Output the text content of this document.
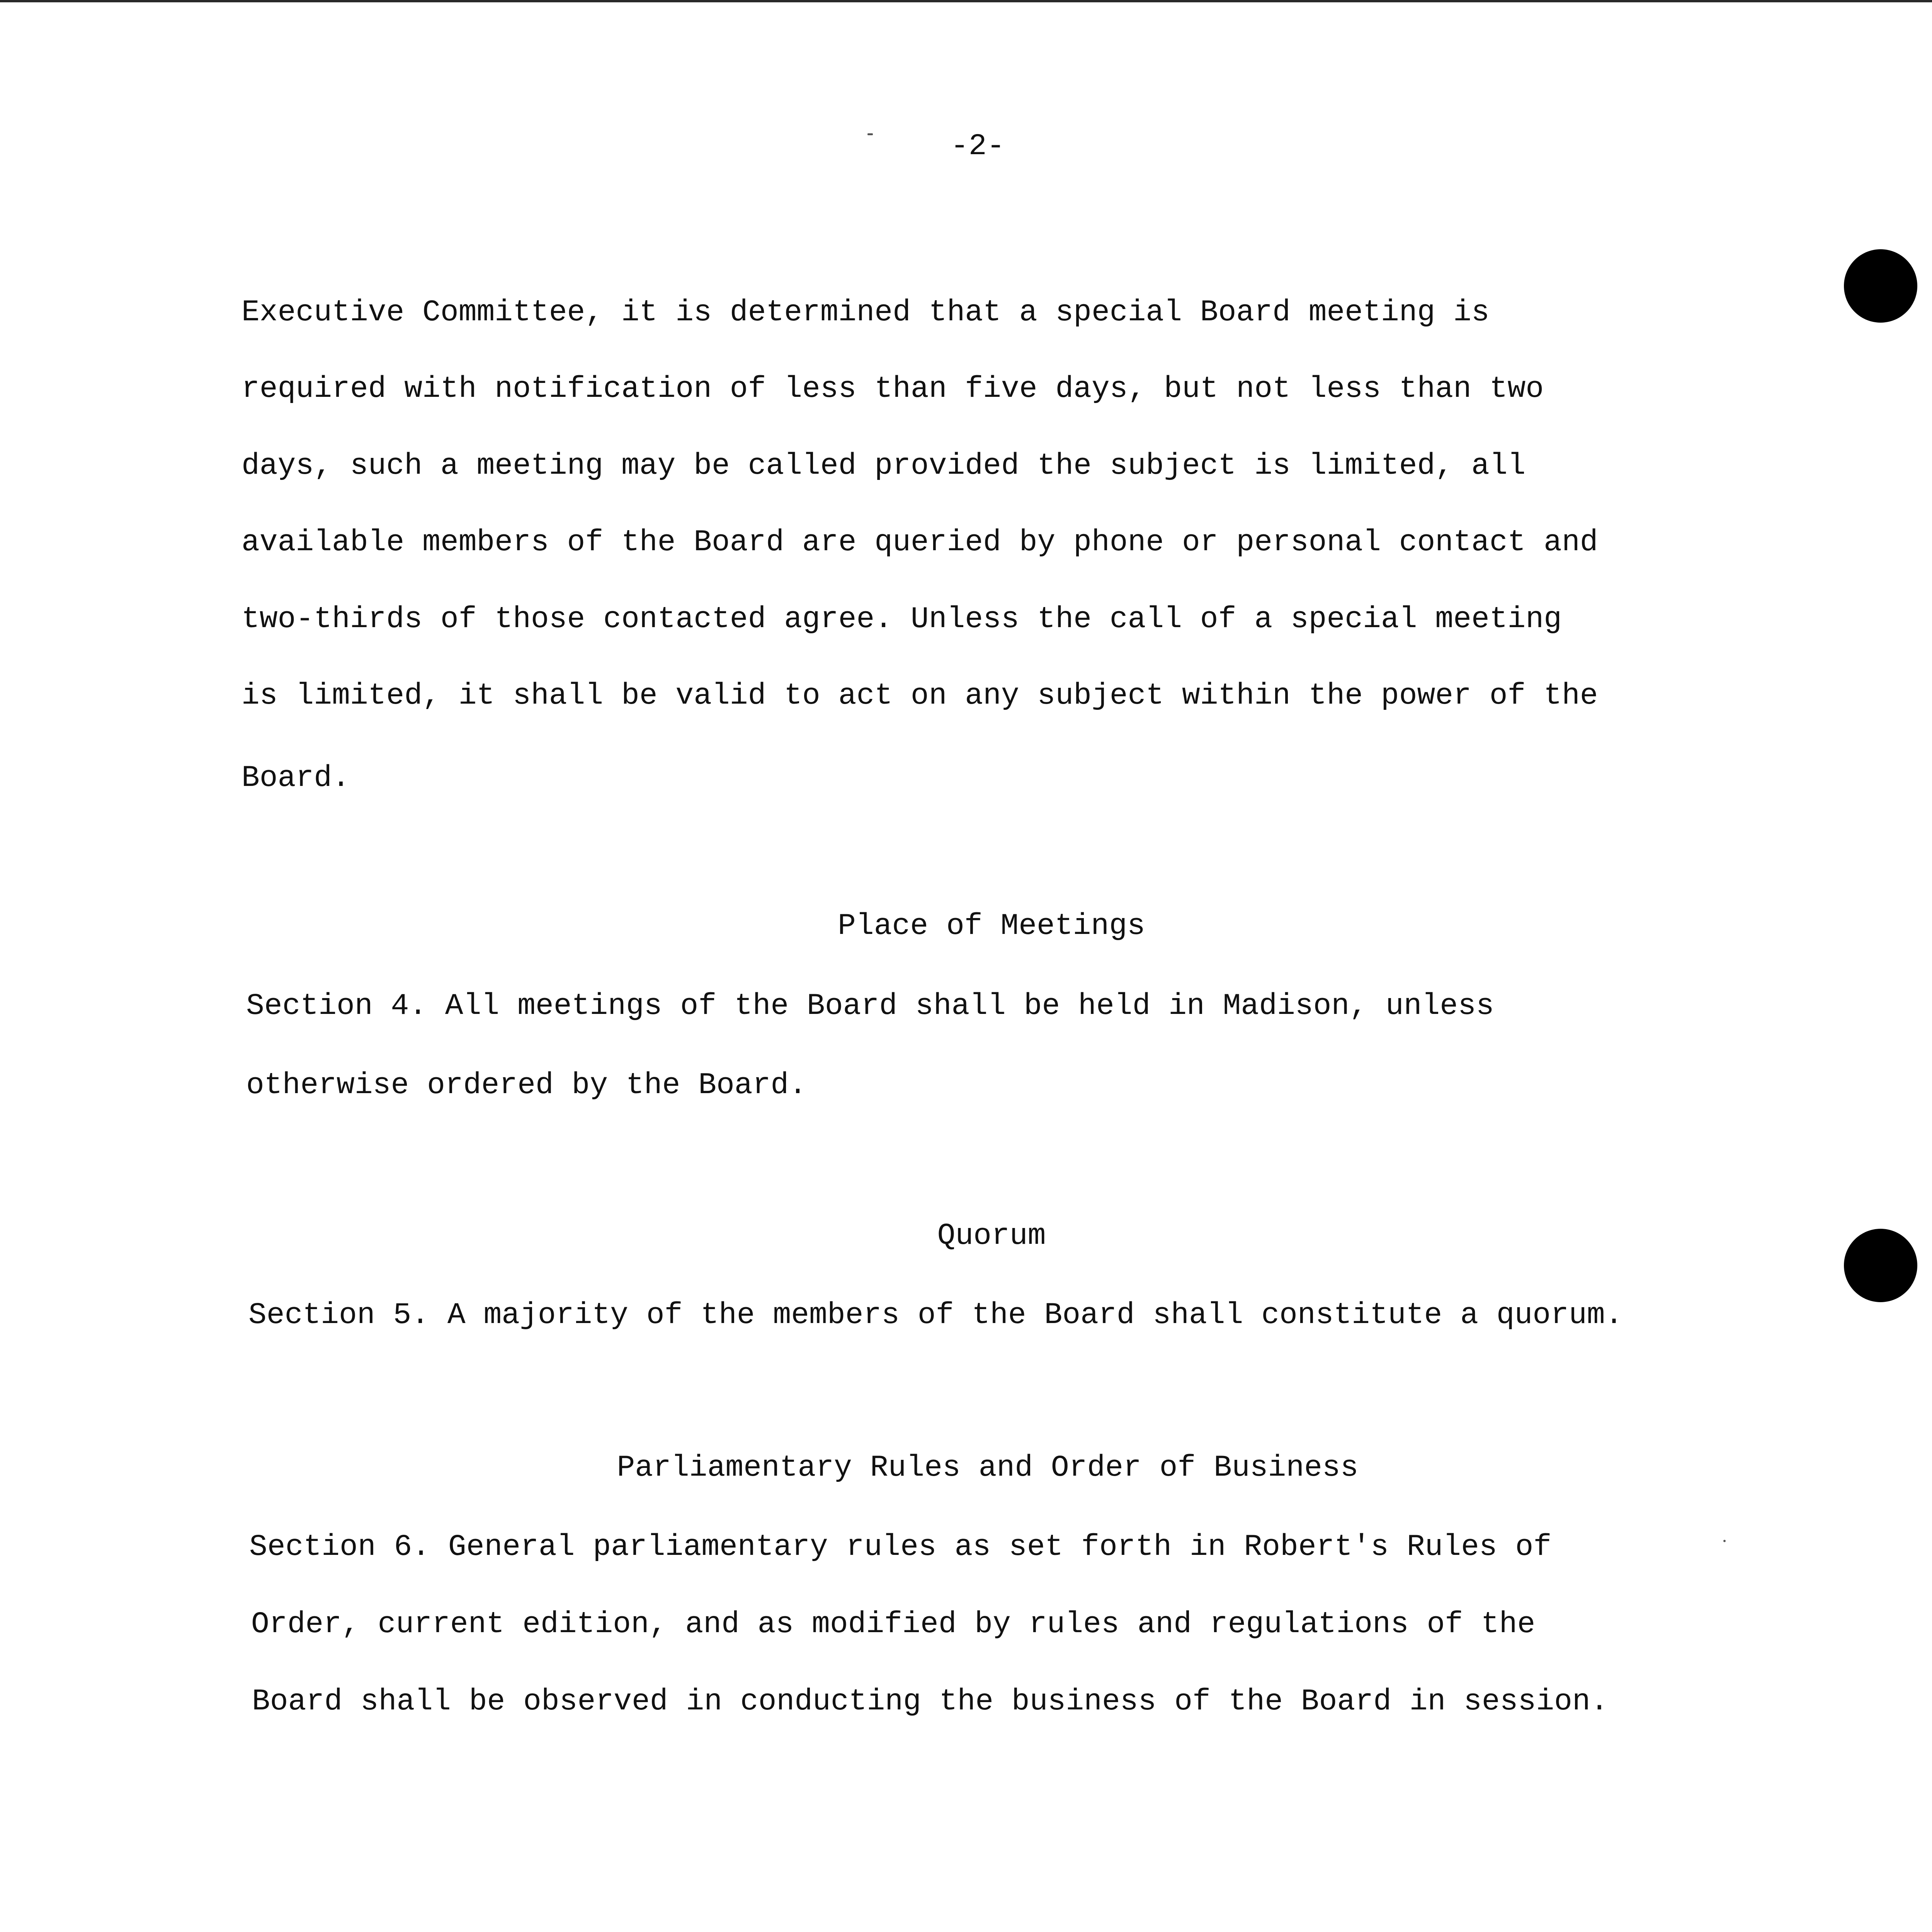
-2-
Executive Committee, it is determined that a special Board meeting is
required with notification of less than five days, but not less than two
days, such a meeting may be called provided the subject is limited, all
available members of the Board are queried by phone or personal contact and
two-thirds of those contacted agree. Unless the call of a special meeting
is limited, it shall be valid to act on any subject within the power of the
Board.
Place of Meetings
Section 4. All meetings of the Board shall be held in Madison, unless
otherwise ordered by the Board.
Quorum
Section 5. A majority of the members of the Board shall constitute a quorum.
Parliamentary Rules and Order of Business
Section 6. General parliamentary rules as set forth in Robert's Rules of
Order, current edition, and as modified by rules and regulations of the
Board shall be observed in conducting the business of the Board in session.
